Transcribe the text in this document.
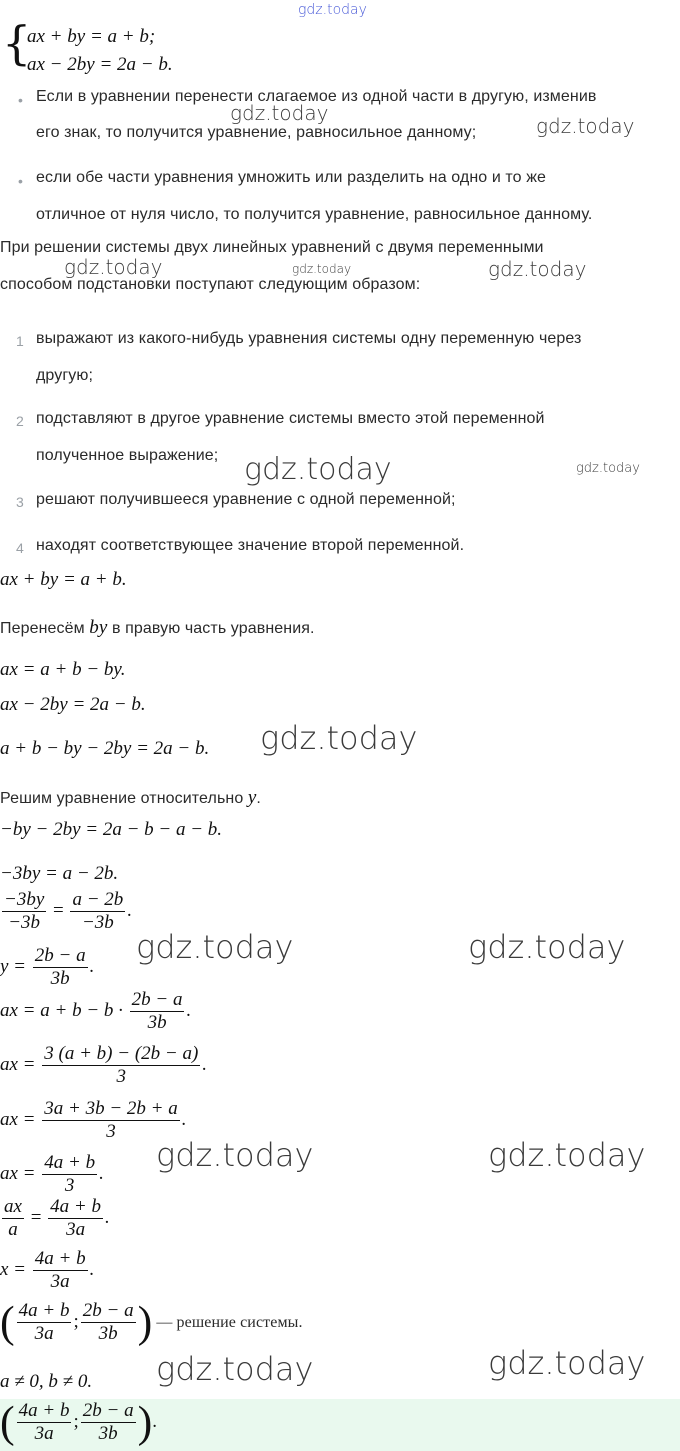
gdz.today
{
ax + by = a + b;
ax − 2by = 2a − b.
• Если в уравнении перенести слагаемое из одной части в другую, изменив
его знак, то получится уравнение, равносильное данному;
• если обе части уравнения умножить или разделить на одно и то же
отличное от нуля число, то получится уравнение, равносильное данному.
При решении системы двух линейных уравнений с двумя переменными
способом подстановки поступают следующим образом:
1 выражают из какого-нибудь уравнения системы одну переменную через
другую;
2 подставляют в другое уравнение системы вместо этой переменной
полученное выражение;
3 решают получившееся уравнение с одной переменной;
4 находят соответствующее значение второй переменной.
ax + by = a + b.
Перенесём by в правую часть уравнения.
ax = a + b − by.
ax − 2by = 2a − b.
a + b − by − 2by = 2a − b.
Решим уравнение относительно y.
−by − 2by = 2a − b − a − b.
−3by = a − 2b.
$\frac{-3by}{-3b} = \frac{a - 2b}{-3b}$ .
$y = \frac{2b - a}{3b}$ .
ax = $a + b - b \cdot \frac{2b - a}{3b}$ .
ax = $\frac{3 (a + b) - (2b - a)}{3}$ .
ax = $\frac{3a + 3b - 2b + a}{3}$ .
ax = $\frac{4a + b}{3}$ .
$\frac{ax}{a} = \frac{4a + b}{3a}$ .
$x = \frac{4a + b}{3a}$ .
( $\frac{4a + b}{3a}$ ; $\frac{2b - a}{3b}$ ) — решение системы.
a ≠ 0, b ≠ 0.
( $\frac{4a + b}{3a}$ ; $\frac{2b - a}{3b}$ ).
gdz.today
gdz.today
gdz.today	gdz.today	gdz.today
gdz.today	gdz.today
gdz.today
gdz.today	gdz.today
gdz.today	gdz.today
gdz.today	gdz.today
